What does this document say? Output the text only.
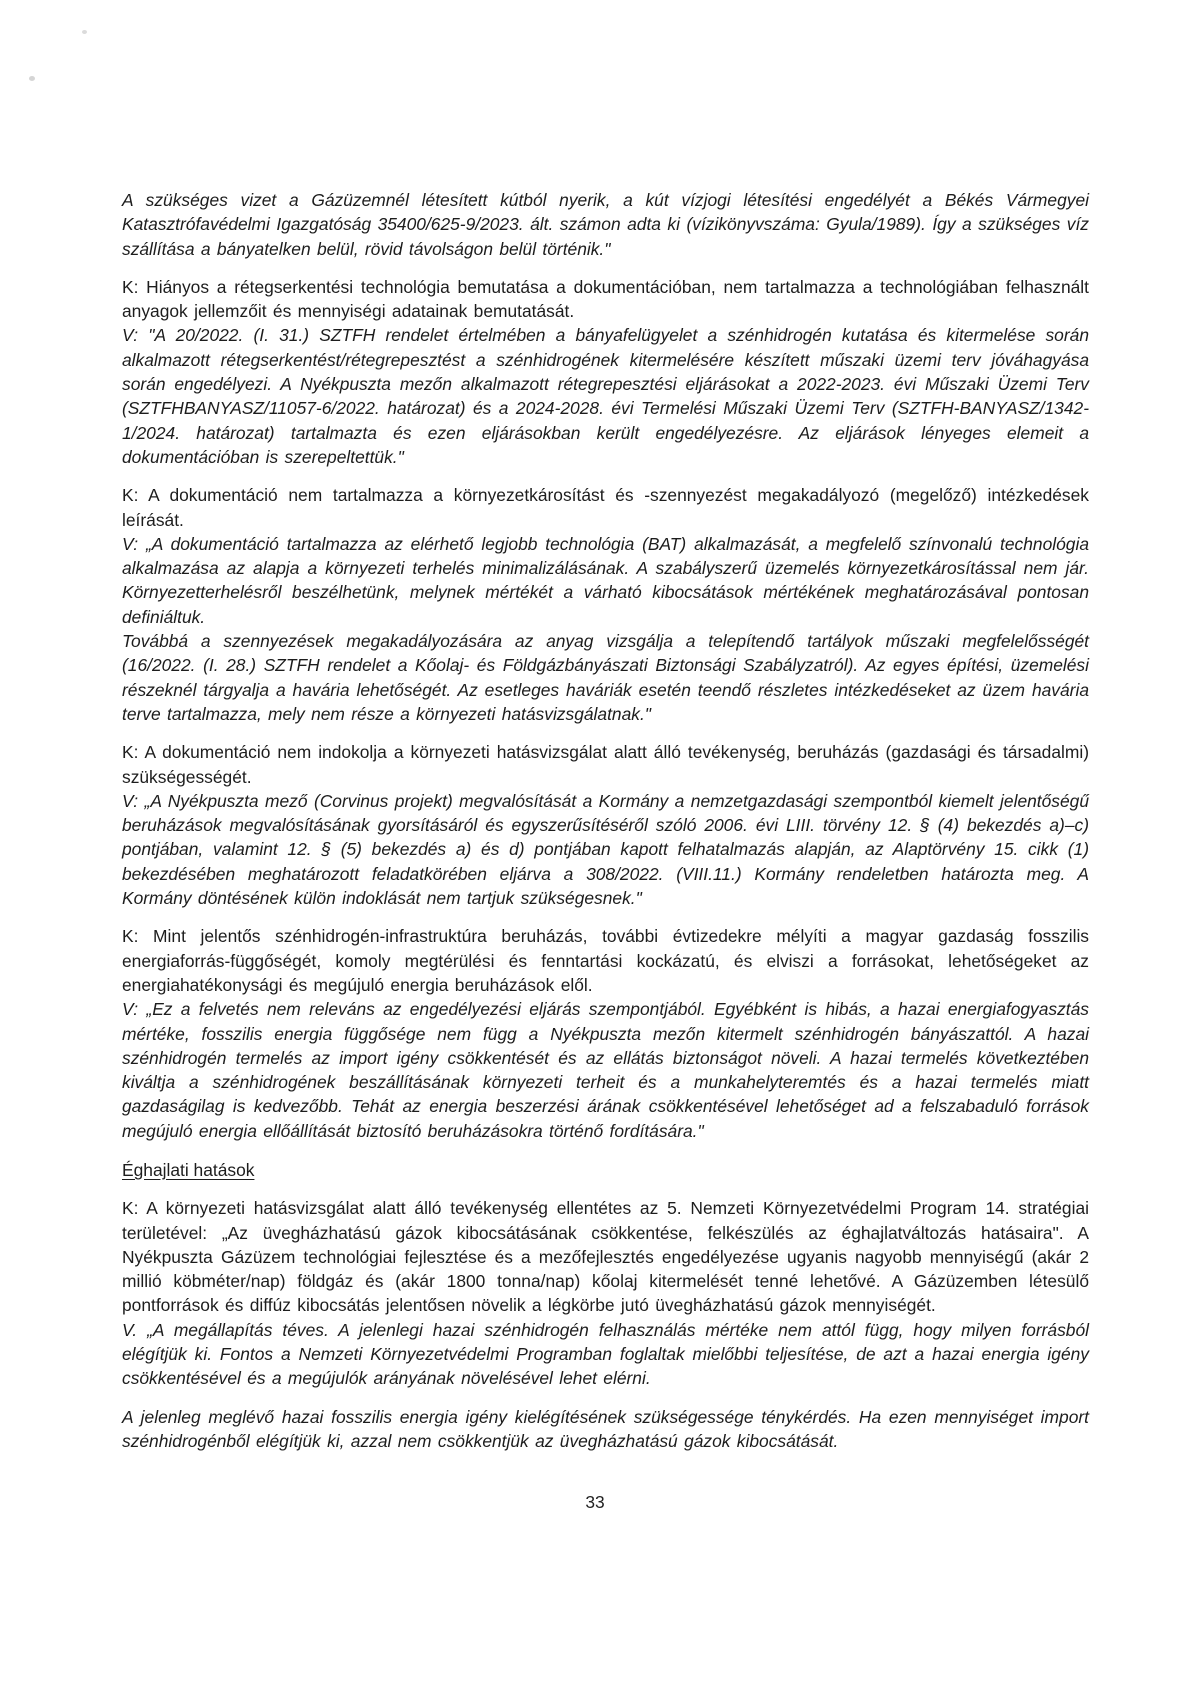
A szükséges vizet a Gázüzemnél létesített kútból nyerik, a kút vízjogi létesítési engedélyét a Békés Vármegyei Katasztrófavédelmi Igazgatóság 35400/625-9/2023. ált. számon adta ki (vízikönyvszáma: Gyula/1989). Így a szükséges víz szállítása a bányatelken belül, rövid távolságon belül történik."

K: Hiányos a rétegserkentési technológia bemutatása a dokumentációban, nem tartalmazza a technológiában felhasznált anyagok jellemzőit és mennyiségi adatainak bemutatását.

V: "A 20/2022. (I. 31.) SZTFH rendelet értelmében a bányafelügyelet a szénhidrogén kutatása és kitermelése során alkalmazott rétegserkentést/rétegrepesztést a szénhidrogének kitermelésére készített műszaki üzemi terv jóváhagyása során engedélyezi. A Nyékpuszta mezőn alkalmazott rétegrepesztési eljárásokat a 2022-2023. évi Műszaki Üzemi Terv (SZTFHBANYASZ/11057-6/2022. határozat) és a 2024-2028. évi Termelési Műszaki Üzemi Terv (SZTFH-BANYASZ/1342-1/2024. határozat) tartalmazta és ezen eljárásokban került engedélyezésre. Az eljárások lényeges elemeit a dokumentációban is szerepeltettük."

K: A dokumentáció nem tartalmazza a környezetkárosítást és -szennyezést megakadályozó (megelőző) intézkedések leírását.

V: „A dokumentáció tartalmazza az elérhető legjobb technológia (BAT) alkalmazását, a megfelelő színvonalú technológia alkalmazása az alapja a környezeti terhelés minimalizálásának. A szabályszerű üzemelés környezetkárosítással nem jár. Környezetterhelésről beszélhetünk, melynek mértékét a várható kibocsátások mértékének meghatározásával pontosan definiáltuk.

Továbbá a szennyezések megakadályozására az anyag vizsgálja a telepítendő tartályok műszaki megfelelősségét (16/2022. (I. 28.) SZTFH rendelet a Kőolaj- és Földgázbányászati Biztonsági Szabályzatról). Az egyes építési, üzemelési részeknél tárgyalja a havária lehetőségét. Az esetleges haváriák esetén teendő részletes intézkedéseket az üzem havária terve tartalmazza, mely nem része a környezeti hatásvizsgálatnak."

K: A dokumentáció nem indokolja a környezeti hatásvizsgálat alatt álló tevékenység, beruházás (gazdasági és társadalmi) szükségességét.

V: „A Nyékpuszta mező (Corvinus projekt) megvalósítását a Kormány a nemzetgazdasági szempontból kiemelt jelentőségű beruházások megvalósításának gyorsításáról és egyszerűsítéséről szóló 2006. évi LIII. törvény 12. § (4) bekezdés a)–c) pontjában, valamint 12. § (5) bekezdés a) és d) pontjában kapott felhatalmazás alapján, az Alaptörvény 15. cikk (1) bekezdésében meghatározott feladatkörében eljárva a 308/2022. (VIII.11.) Kormány rendeletben határozta meg. A Kormány döntésének külön indoklását nem tartjuk szükségesnek."

K: Mint jelentős szénhidrogén-infrastruktúra beruházás, további évtizedekre mélyíti a magyar gazdaság fosszilis energiaforrás-függőségét, komoly megtérülési és fenntartási kockázatú, és elviszi a forrásokat, lehetőségeket az energiahatékonysági és megújuló energia beruházások elől.

V: „Ez a felvetés nem releváns az engedélyezési eljárás szempontjából. Egyébként is hibás, a hazai energiafogyasztás mértéke, fosszilis energia függősége nem függ a Nyékpuszta mezőn kitermelt szénhidrogén bányászattól. A hazai szénhidrogén termelés az import igény csökkentését és az ellátás biztonságot növeli. A hazai termelés következtében kiváltja a szénhidrogének beszállításának környezeti terheit és a munkahelyteremtés és a hazai termelés miatt gazdaságilag is kedvezőbb. Tehát az energia beszerzési árának csökkentésével lehetőséget ad a felszabaduló források megújuló energia ellőállítását biztosító beruházásokra történő fordítására."

Éghajlati hatások

K: A környezeti hatásvizsgálat alatt álló tevékenység ellentétes az 5. Nemzeti Környezetvédelmi Program 14. stratégiai területével: „Az üvegházhatású gázok kibocsátásának csökkentése, felkészülés az éghajlatváltozás hatásaira". A Nyékpuszta Gázüzem technológiai fejlesztése és a mezőfejlesztés engedélyezése ugyanis nagyobb mennyiségű (akár 2 millió köbméter/nap) földgáz és (akár 1800 tonna/nap) kőolaj kitermelését tenné lehetővé. A Gázüzemben létesülő pontforrások és diffúz kibocsátás jelentősen növelik a légkörbe jutó üvegházhatású gázok mennyiségét.

V. „A megállapítás téves. A jelenlegi hazai szénhidrogén felhasználás mértéke nem attól függ, hogy milyen forrásból elégítjük ki. Fontos a Nemzeti Környezetvédelmi Programban foglaltak mielőbbi teljesítése, de azt a hazai energia igény csökkentésével és a megújulók arányának növelésével lehet elérni.

A jelenleg meglévő hazai fosszilis energia igény kielégítésének szükségessége ténykérdés. Ha ezen mennyiséget import szénhidrogénből elégítjük ki, azzal nem csökkentjük az üvegházhatású gázok kibocsátását.

33
